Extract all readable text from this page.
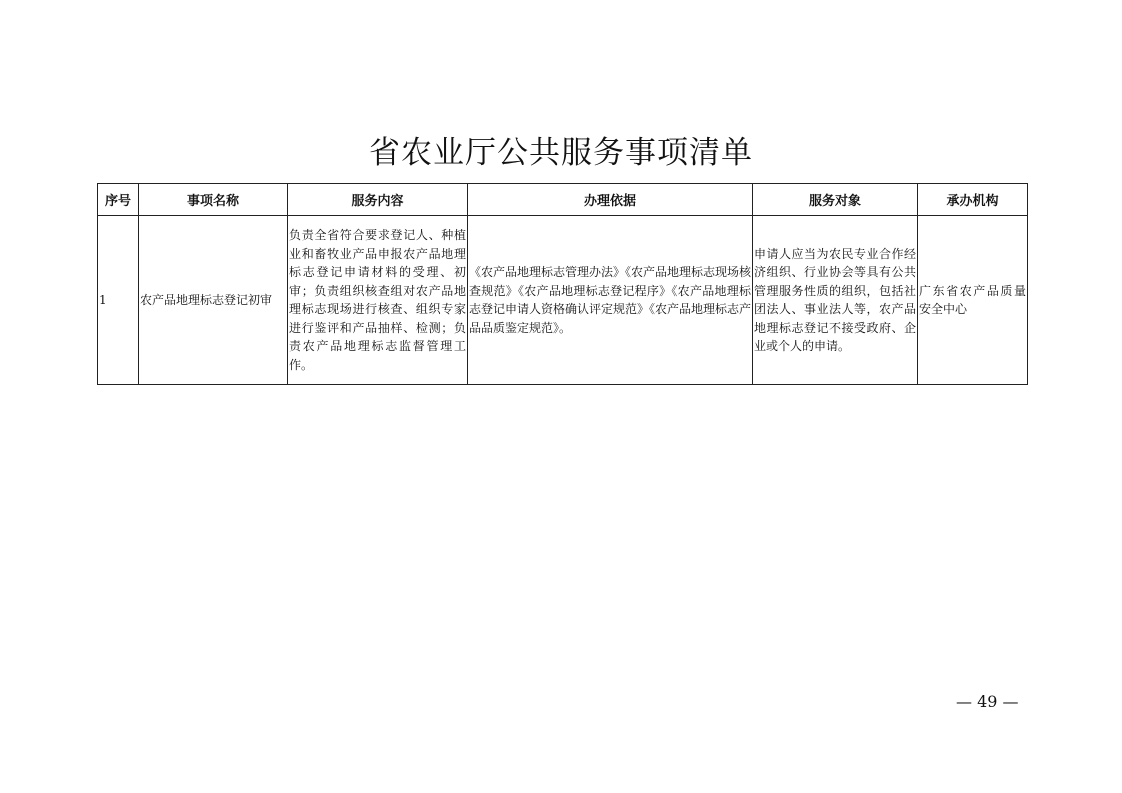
省农业厅公共服务事项清单
序号	事项名称	服务内容	办理依据	服务对象	承办机构
1	农产品地理标志登记初审	负责全省符合要求登记人、种植业和畜牧业产品申报农产品地理标志登记申请材料的受理、初审；负责组织核查组对农产品地理标志现场进行核查、组织专家进行鉴评和产品抽样、检测；负责农产品地理标志监督管理工作。	《农产品地理标志管理办法》《农产品地理标志现场核查规范》《农产品地理标志登记程序》《农产品地理标志登记申请人资格确认评定规范》《农产品地理标志产品品质鉴定规范》。	申请人应当为农民专业合作经济组织、行业协会等具有公共管理服务性质的组织，包括社团法人、事业法人等，农产品地理标志登记不接受政府、企业或个人的申请。	广东省农产品质量安全中心
— 49 —
